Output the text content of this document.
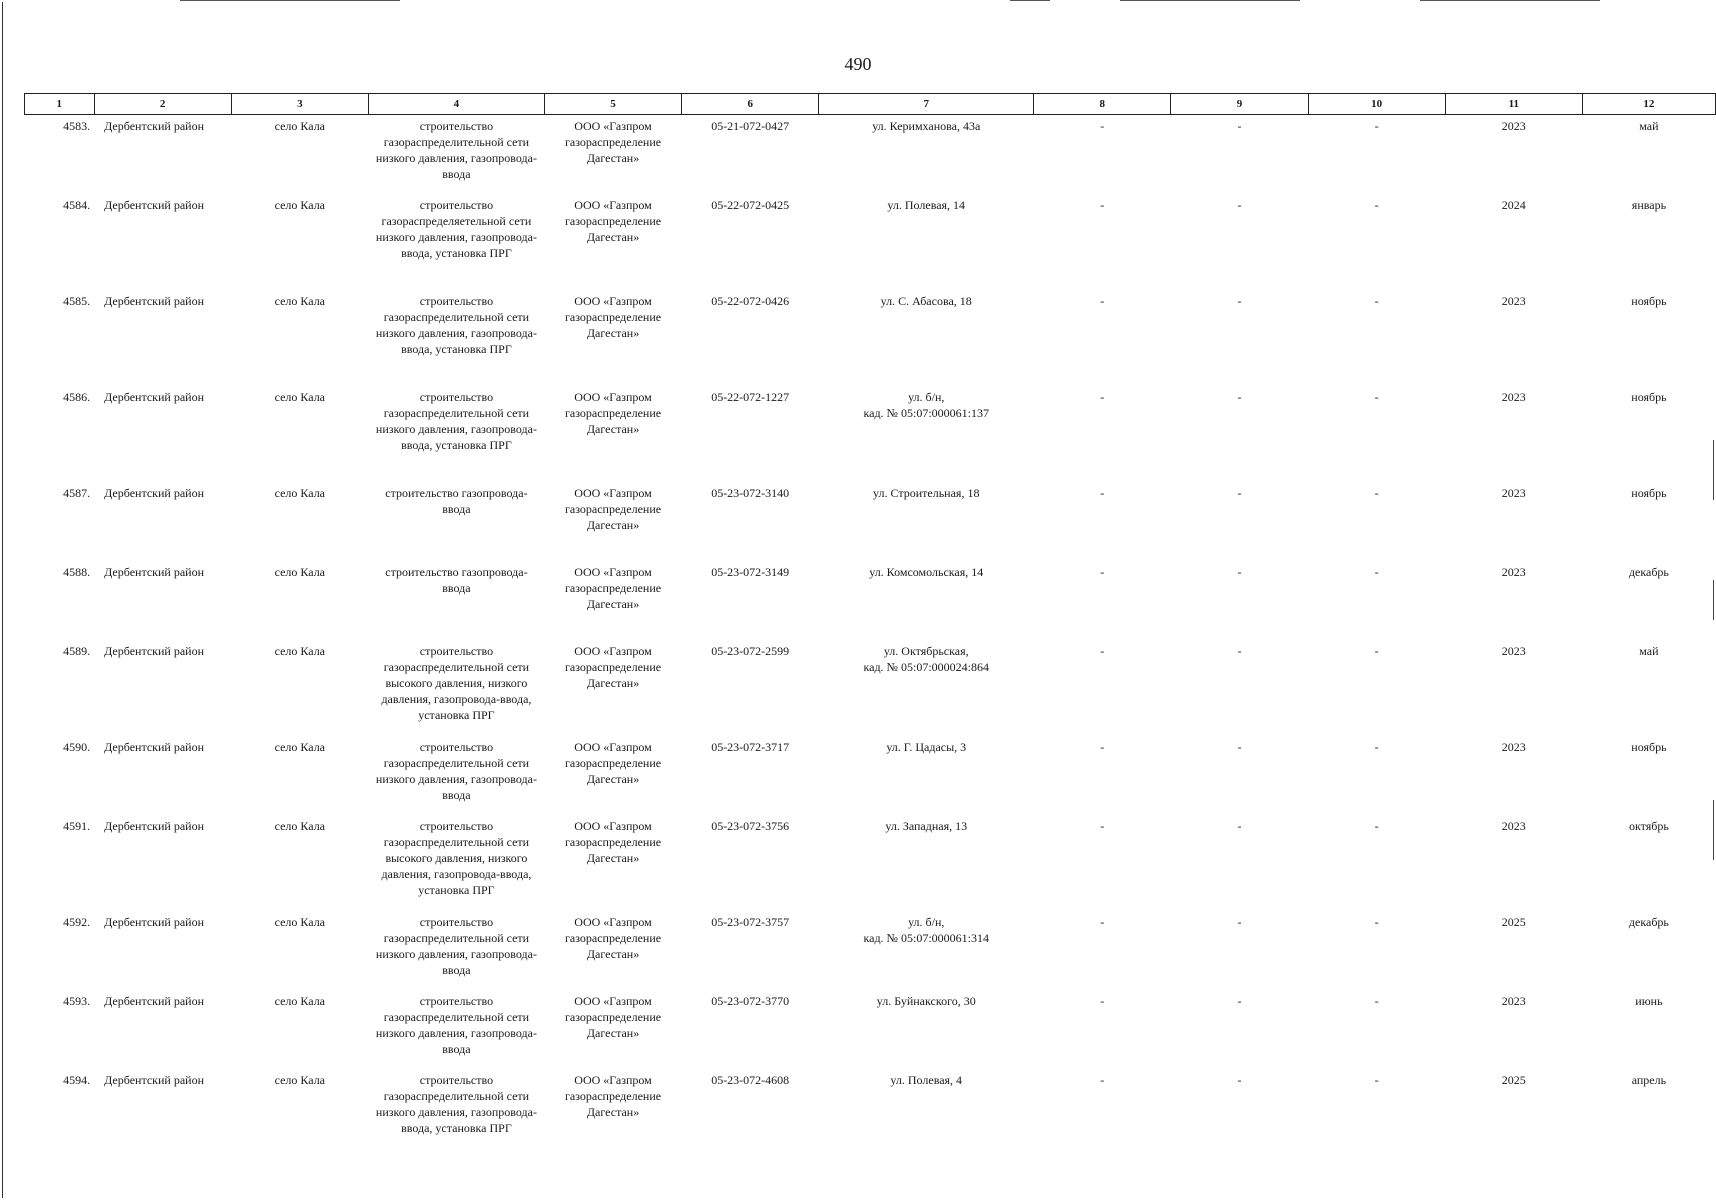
490
1	2	3	4	5	6	7	8	9	10	11	12
4583.	Дербентский район	село Кала	строительство газораспределительной сети низкого давления, газопровода-ввода	ООО «Газпром газораспределение Дагестан»	05-21-072-0427	ул. Керимханова, 43а	-	-	-	2023	май
4584.	Дербентский район	село Кала	строительство газораспределяетельной сети низкого давления, газопровода-ввода, установка ПРГ	ООО «Газпром газораспределение Дагестан»	05-22-072-0425	ул. Полевая, 14	-	-	-	2024	январь
4585.	Дербентский район	село Кала	строительство газораспределительной сети низкого давления, газопровода-ввода, установка ПРГ	ООО «Газпром газораспределение Дагестан»	05-22-072-0426	ул. С. Абасова, 18	-	-	-	2023	ноябрь
4586.	Дербентский район	село Кала	строительство газораспределительной сети низкого давления, газопровода-ввода, установка ПРГ	ООО «Газпром газораспределение Дагестан»	05-22-072-1227	ул. б/н,
кад. № 05:07:000061:137	-	-	-	2023	ноябрь
4587.	Дербентский район	село Кала	строительство газопровода-ввода	ООО «Газпром газораспределение Дагестан»	05-23-072-3140	ул. Строительная, 18	-	-	-	2023	ноябрь
4588.	Дербентский район	село Кала	строительство газопровода-ввода	ООО «Газпром газораспределение Дагестан»	05-23-072-3149	ул. Комсомольская, 14	-	-	-	2023	декабрь
4589.	Дербентский район	село Кала	строительство газораспределительной сети высокого давления, низкого давления, газопровода-ввода, установка ПРГ	ООО «Газпром газораспределение Дагестан»	05-23-072-2599	ул. Октябрьская,
кад. № 05:07:000024:864	-	-	-	2023	май
4590.	Дербентский район	село Кала	строительство газораспределительной сети низкого давления, газопровода-ввода	ООО «Газпром газораспределение Дагестан»	05-23-072-3717	ул. Г. Цадасы, 3	-	-	-	2023	ноябрь
4591.	Дербентский район	село Кала	строительство газораспределительной сети высокого давления, низкого давления, газопровода-ввода, установка ПРГ	ООО «Газпром газораспределение Дагестан»	05-23-072-3756	ул. Западная, 13	-	-	-	2023	октябрь
4592.	Дербентский район	село Кала	строительство газораспределительной сети низкого давления, газопровода-ввода	ООО «Газпром газораспределение Дагестан»	05-23-072-3757	ул. б/н,
кад. № 05:07:000061:314	-	-	-	2025	декабрь
4593.	Дербентский район	село Кала	строительство газораспределительной сети низкого давления, газопровода-ввода	ООО «Газпром газораспределение Дагестан»	05-23-072-3770	ул. Буйнакского, 30	-	-	-	2023	июнь
4594.	Дербентский район	село Кала	строительство газораспределительной сети низкого давления, газопровода-ввода, установка ПРГ	ООО «Газпром газораспределение Дагестан»	05-23-072-4608	ул. Полевая, 4	-	-	-	2025	апрель
